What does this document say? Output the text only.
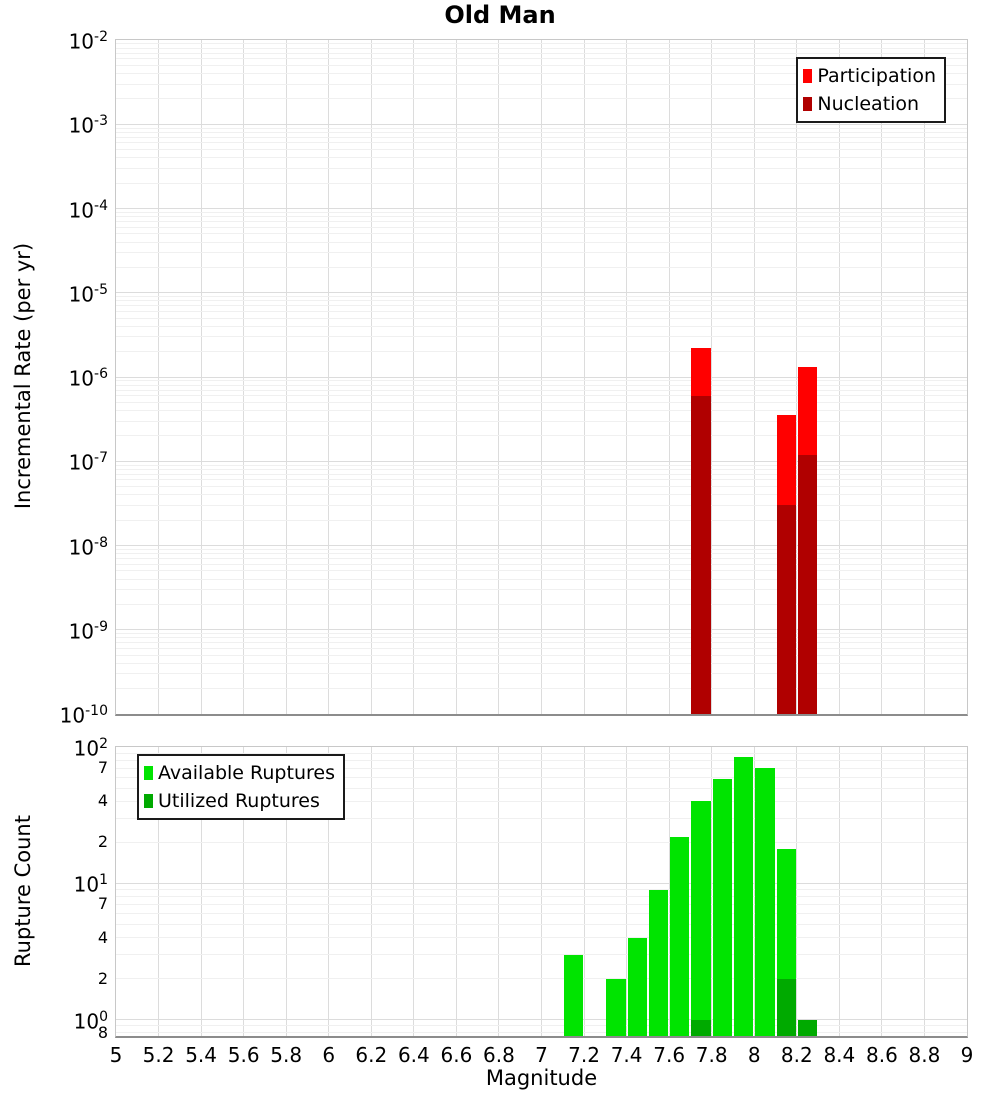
Old Man
Incremental Rate (per yr)
Participation
Nucleation
Rupture Count
Available Ruptures
Utilized Ruptures
Magnitude
$10^{-2}$
$10^{-3}$
$10^{-4}$
$10^{-5}$
$10^{-6}$
$10^{-7}$
$10^{-8}$
$10^{-9}$
$10^{-10}$
$10^2$
$10^1$
$10^0$
7
4
2
7
4
2
8
5	5.2 5.4 5.6 5.8	6	6.2 6.4 6.6 6.8	7	7.2 7.4 7.6 7.8	8	8.2 8.4 8.6 8.8	9
